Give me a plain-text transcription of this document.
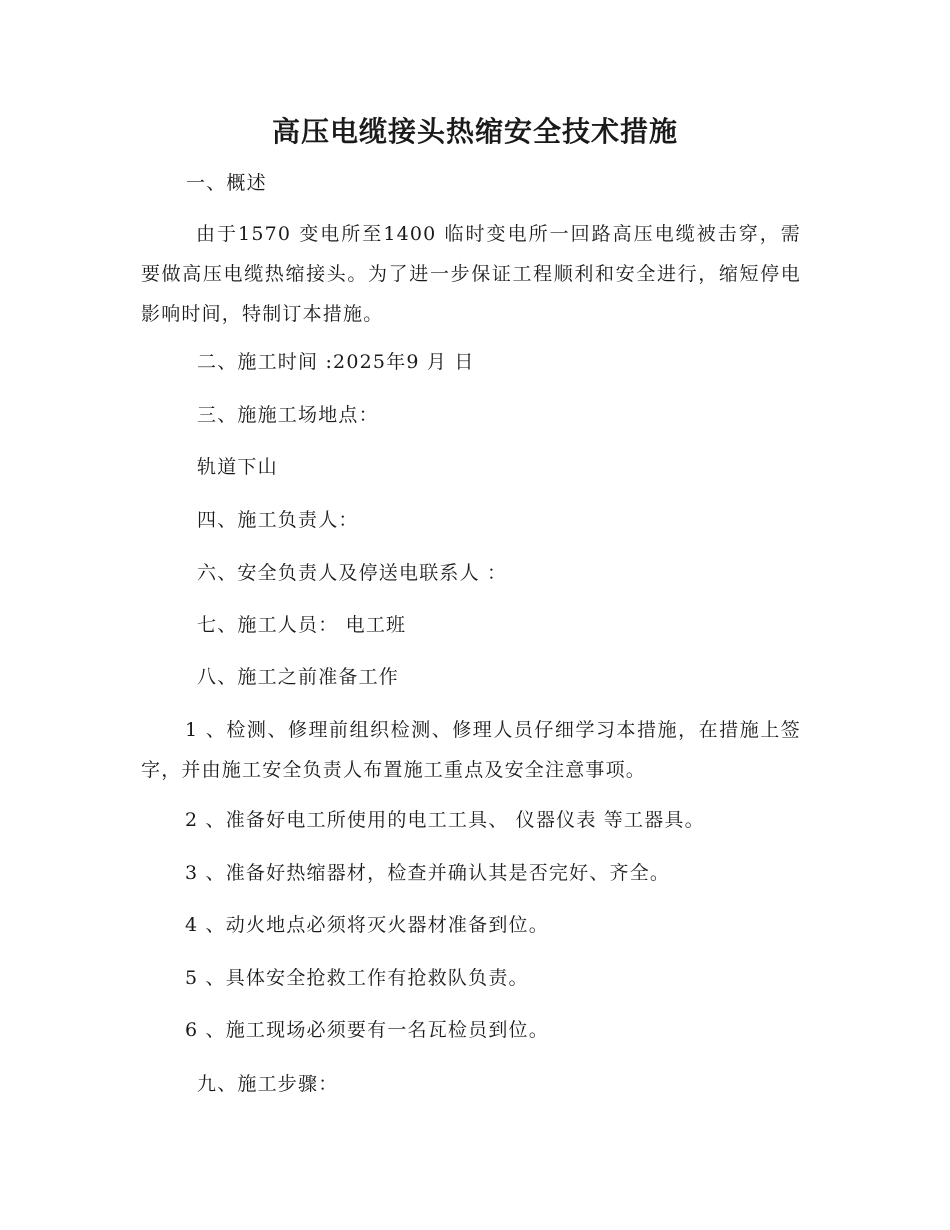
高压电缆接头热缩安全技术措施

一、概述

由于1570 变电所至1400 临时变电所一回路高压电缆被击穿，需要做高压电缆热缩接头。为了进一步保证工程顺利和安全进行，缩短停电影响时间，特制订本措施。

二、施工时间 :2025年9 月 日

三、施施工场地点：

轨道下山

四、施工负责人：

六、安全负责人及停送电联系人 ：

七、施工人员： 电工班

八、施工之前准备工作

1 、检测、修理前组织检测、修理人员仔细学习本措施，在措施上签字，并由施工安全负责人布置施工重点及安全注意事项。

2 、准备好电工所使用的电工工具、 仪器仪表 等工器具。

3 、准备好热缩器材，检查并确认其是否完好、齐全。

4 、动火地点必须将灭火器材准备到位。

5 、具体安全抢救工作有抢救队负责。

6 、施工现场必须要有一名瓦检员到位。

九、施工步骤：
